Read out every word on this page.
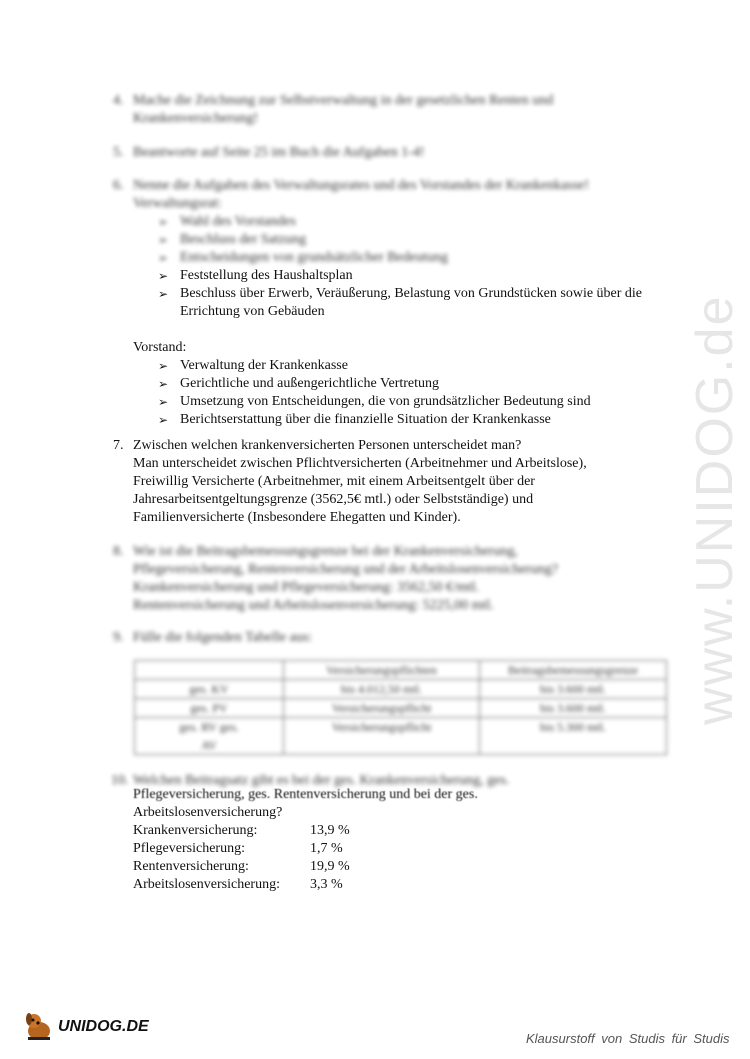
www.UNIDOG.de
4. Mache die Zeichnung zur Selbstverwaltung in der gesetzlichen Renten und Krankenversicherung!
5. Beantworte auf Seite 25 im Buch die Aufgaben 1-4!
6. Nenne die Aufgaben des Verwaltungsrates und des Vorstandes der Krankenkasse!
Verwaltungsrat:
➢ Wahl des Vorstandes
➢ Beschluss der Satzung
➢ Entscheidungen von grundsätzlicher Bedeutung
➢ Feststellung des Haushaltsplan
➢ Beschluss über Erwerb, Veräußerung, Belastung von Grundstücken sowie über die Errichtung von Gebäuden
Vorstand:
➢ Verwaltung der Krankenkasse
➢ Gerichtliche und außengerichtliche Vertretung
➢ Umsetzung von Entscheidungen, die von grundsätzlicher Bedeutung sind
➢ Berichtserstattung über die finanzielle Situation der Krankenkasse
7. Zwischen welchen krankenversicherten Personen unterscheidet man?
Man unterscheidet zwischen Pflichtversicherten (Arbeitnehmer und Arbeitslose), Freiwillig Versicherte (Arbeitnehmer, mit einem Arbeitsentgelt über der Jahresarbeitsentgeltungsgrenze (3562,5€ mtl.) oder Selbstständige) und Familienversicherte (Insbesondere Ehegatten und Kinder).
8. Wie ist die Beitragsbemessungsgrenze bei der Krankenversicherung, Pflegeversicherung, Rentenversicherung und der Arbeitslosenversicherung?
Krankenversicherung und Pflegeversicherung: 3562,50 €/mtl.
Rentenversicherung und Arbeitslosenversicherung: 5225,00 mtl.
9. Fülle die folgenden Tabelle aus:
	Versicherungspflichten	Beitragsbemessungsgrenze
ges. KV	bis 4.012,50 mtl.	bis 3.600 mtl.
ges. PV	Versicherungspflicht	bis 3.600 mtl.
ges. RV ges. AV	Versicherungspflicht	bis 5.300 mtl.
10. Welchen Beitragsatz gibt es bei der ges. Krankenversicherung, ges.
Pflegeversicherung, ges. Rentenversicherung und bei der ges.
Arbeitslosenversicherung?
Krankenversicherung:	13,9 %
Pflegeversicherung:	1,7 %
Rentenversicherung:	19,9 %
Arbeitslosenversicherung:	3,3 %
UNIDOG.DE
Klausurstoff von Studis für Studis
